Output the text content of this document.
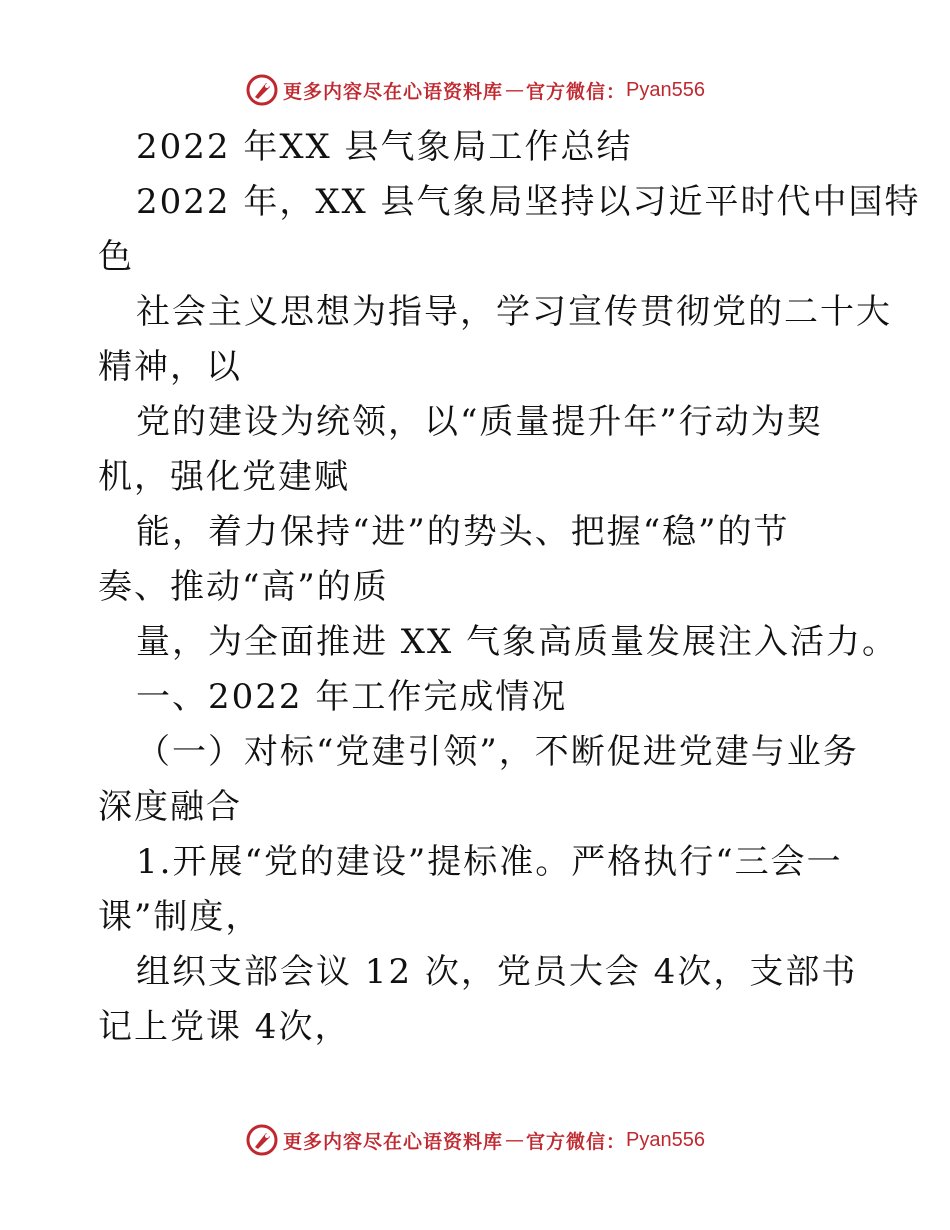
更多内容尽在心语资料库 — 官方微信： Pyan556
2022 年XX 县气象局工作总结
2022 年，XX 县气象局坚持以习近平时代中国特
色
社会主义思想为指导，学习宣传贯彻党的二十大
精神，以
党的建设为统领，以“质量提升年”行动为契
机，强化党建赋
能，着力保持“进”的势头、把握“稳”的节
奏、推动“高”的质
量，为全面推进 XX 气象高质量发展注入活力。
一、2022 年工作完成情况
（一）对标“党建引领”，不断促进党建与业务
深度融合
1.开展“党的建设”提标准。严格执行“三会一
课”制度，
组织支部会议 12 次，党员大会 4次，支部书
记上党课 4次，
更多内容尽在心语资料库 — 官方微信： Pyan556
